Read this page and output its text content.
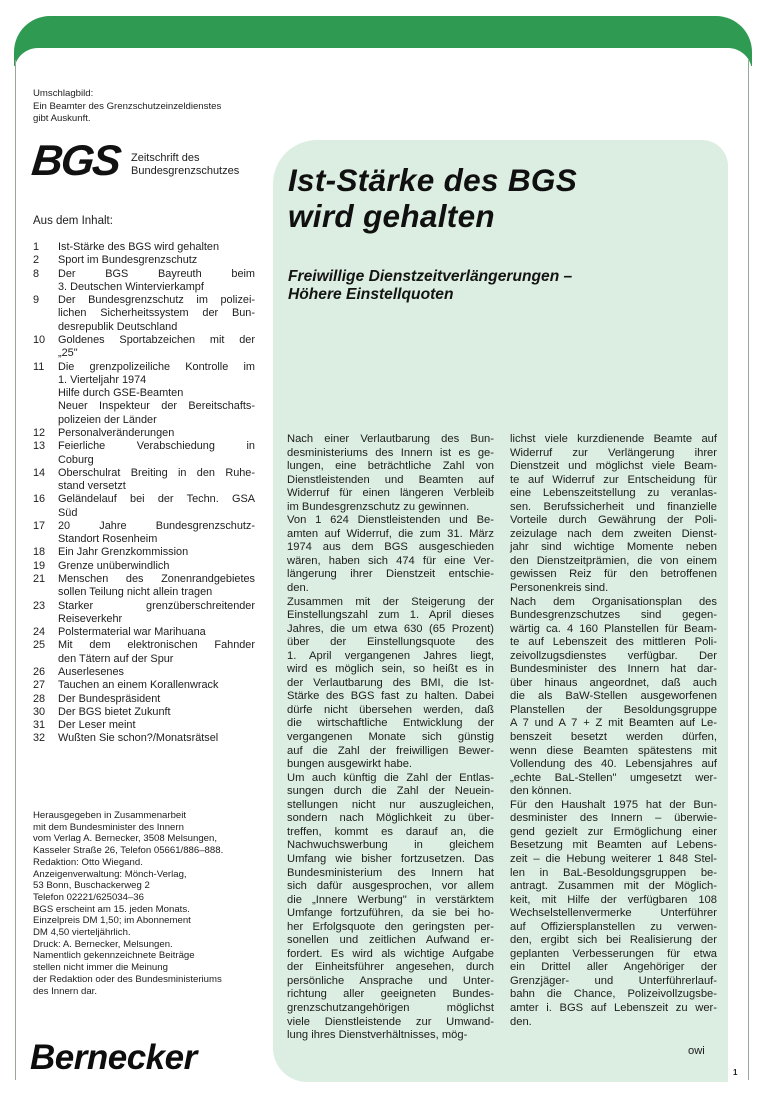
Umschlagbild:
Ein Beamter des Grenzschutzeinzeldienstes
gibt Auskunft.
BGS Zeitschrift des
Bundesgrenzschutzes
Aus dem Inhalt:
1	Ist-Stärke des BGS wird gehalten
2	Sport im Bundesgrenzschutz
8	Der BGS Bayreuth beim
3. Deutschen Wintervierkampf
9	Der Bundesgrenzschutz im polizei-
lichen Sicherheitssystem der Bun-
desrepublik Deutschland
10	Goldenes Sportabzeichen mit der
„25"
11	Die grenzpolizeiliche Kontrolle im
1. Vierteljahr 1974
Hilfe durch GSE-Beamten
Neuer Inspekteur der Bereitschafts-
polizeien der Länder
12	Personalveränderungen
13	Feierliche Verabschiedung in
Coburg
14	Oberschulrat Breiting in den Ruhe-
stand versetzt
16	Geländelauf bei der Techn. GSA
Süd
17	20 Jahre Bundesgrenzschutz-
Standort Rosenheim
18	Ein Jahr Grenzkommission
19	Grenze unüberwindlich
21	Menschen des Zonenrandgebietes
sollen Teilung nicht allein tragen
23	Starker grenzüberschreitender
Reiseverkehr
24	Polstermaterial war Marihuana
25	Mit dem elektronischen Fahnder
den Tätern auf der Spur
26	Auserlesenes
27	Tauchen an einem Korallenwrack
28	Der Bundespräsident
30	Der BGS bietet Zukunft
31	Der Leser meint
32	Wußten Sie schon?/Monatsrätsel
Herausgegeben in Zusammenarbeit
mit dem Bundesminister des Innern
vom Verlag A. Bernecker, 3508 Melsungen,
Kasseler Straße 26, Telefon 05661/886–888.
Redaktion: Otto Wiegand.
Anzeigenverwaltung: Mönch-Verlag,
53 Bonn, Buschackerweg 2
Telefon 02221/625034–36
BGS erscheint am 15. jeden Monats.
Einzelpreis DM 1,50; im Abonnement
DM 4,50 vierteljährlich.
Druck: A. Bernecker, Melsungen.
Namentlich gekennzeichnete Beiträge
stellen nicht immer die Meinung
der Redaktion oder des Bundesministeriums
des Innern dar.
Bernecker
Ist-Stärke des BGS
wird gehalten
Freiwillige Dienstzeitverlängerungen –
Höhere Einstellquoten
Nach einer Verlautbarung des Bun-
desministeriums des Innern ist es ge-
lungen, eine beträchtliche Zahl von
Dienstleistenden und Beamten auf
Widerruf für einen längeren Verbleib
im Bundesgrenzschutz zu gewinnen.
Von 1 624 Dienstleistenden und Be-
amten auf Widerruf, die zum 31. März
1974 aus dem BGS ausgeschieden
wären, haben sich 474 für eine Ver-
längerung ihrer Dienstzeit entschie-
den.
Zusammen mit der Steigerung der
Einstellungszahl zum 1. April dieses
Jahres, die um etwa 630 (65 Prozent)
über der Einstellungsquote des
1. April vergangenen Jahres liegt,
wird es möglich sein, so heißt es in
der Verlautbarung des BMI, die Ist-
Stärke des BGS fast zu halten. Dabei
dürfe nicht übersehen werden, daß
die wirtschaftliche Entwicklung der
vergangenen Monate sich günstig
auf die Zahl der freiwilligen Bewer-
bungen ausgewirkt habe.
Um auch künftig die Zahl der Entlas-
sungen durch die Zahl der Neuein-
stellungen nicht nur auszugleichen,
sondern nach Möglichkeit zu über-
treffen, kommt es darauf an, die
Nachwuchswerbung in gleichem
Umfang wie bisher fortzusetzen. Das
Bundesministerium des Innern hat
sich dafür ausgesprochen, vor allem
die „Innere Werbung" in verstärktem
Umfange fortzuführen, da sie bei ho-
her Erfolgsquote den geringsten per-
sonellen und zeitlichen Aufwand er-
fordert. Es wird als wichtige Aufgabe
der Einheitsführer angesehen, durch
persönliche Ansprache und Unter-
richtung aller geeigneten Bundes-
grenzschutzangehörigen möglichst
viele Dienstleistende zur Umwand-
lung ihres Dienstverhältnisses, mög-
lichst viele kurzdienende Beamte auf
Widerruf zur Verlängerung ihrer
Dienstzeit und möglichst viele Beam-
te auf Widerruf zur Entscheidung für
eine Lebenszeitstellung zu veranlas-
sen. Berufssicherheit und finanzielle
Vorteile durch Gewährung der Poli-
zeizulage nach dem zweiten Dienst-
jahr sind wichtige Momente neben
den Dienstzeitprämien, die von einem
gewissen Reiz für den betroffenen
Personenkreis sind.
Nach dem Organisationsplan des
Bundesgrenzschutzes sind gegen-
wärtig ca. 4 160 Planstellen für Beam-
te auf Lebenszeit des mittleren Poli-
zeivollzugsdienstes verfügbar. Der
Bundesminister des Innern hat dar-
über hinaus angeordnet, daß auch
die als BaW-Stellen ausgeworfenen
Planstellen der Besoldungsgruppe
A 7 und A 7 + Z mit Beamten auf Le-
benszeit besetzt werden dürfen,
wenn diese Beamten spätestens mit
Vollendung des 40. Lebensjahres auf
„echte BaL-Stellen" umgesetzt wer-
den können.
Für den Haushalt 1975 hat der Bun-
desminister des Innern – überwie-
gend gezielt zur Ermöglichung einer
Besetzung mit Beamten auf Lebens-
zeit – die Hebung weiterer 1 848 Stel-
len in BaL-Besoldungsgruppen be-
antragt. Zusammen mit der Möglich-
keit, mit Hilfe der verfügbaren 108
Wechselstellenvermerke Unterführer
auf Offiziersplanstellen zu verwen-
den, ergibt sich bei Realisierung der
geplanten Verbesserungen für etwa
ein Drittel aller Angehöriger der
Grenzjäger- und Unterführerlauf-
bahn die Chance, Polizeivollzugsbe-
amter i. BGS auf Lebenszeit zu wer-
den.
owi
1
